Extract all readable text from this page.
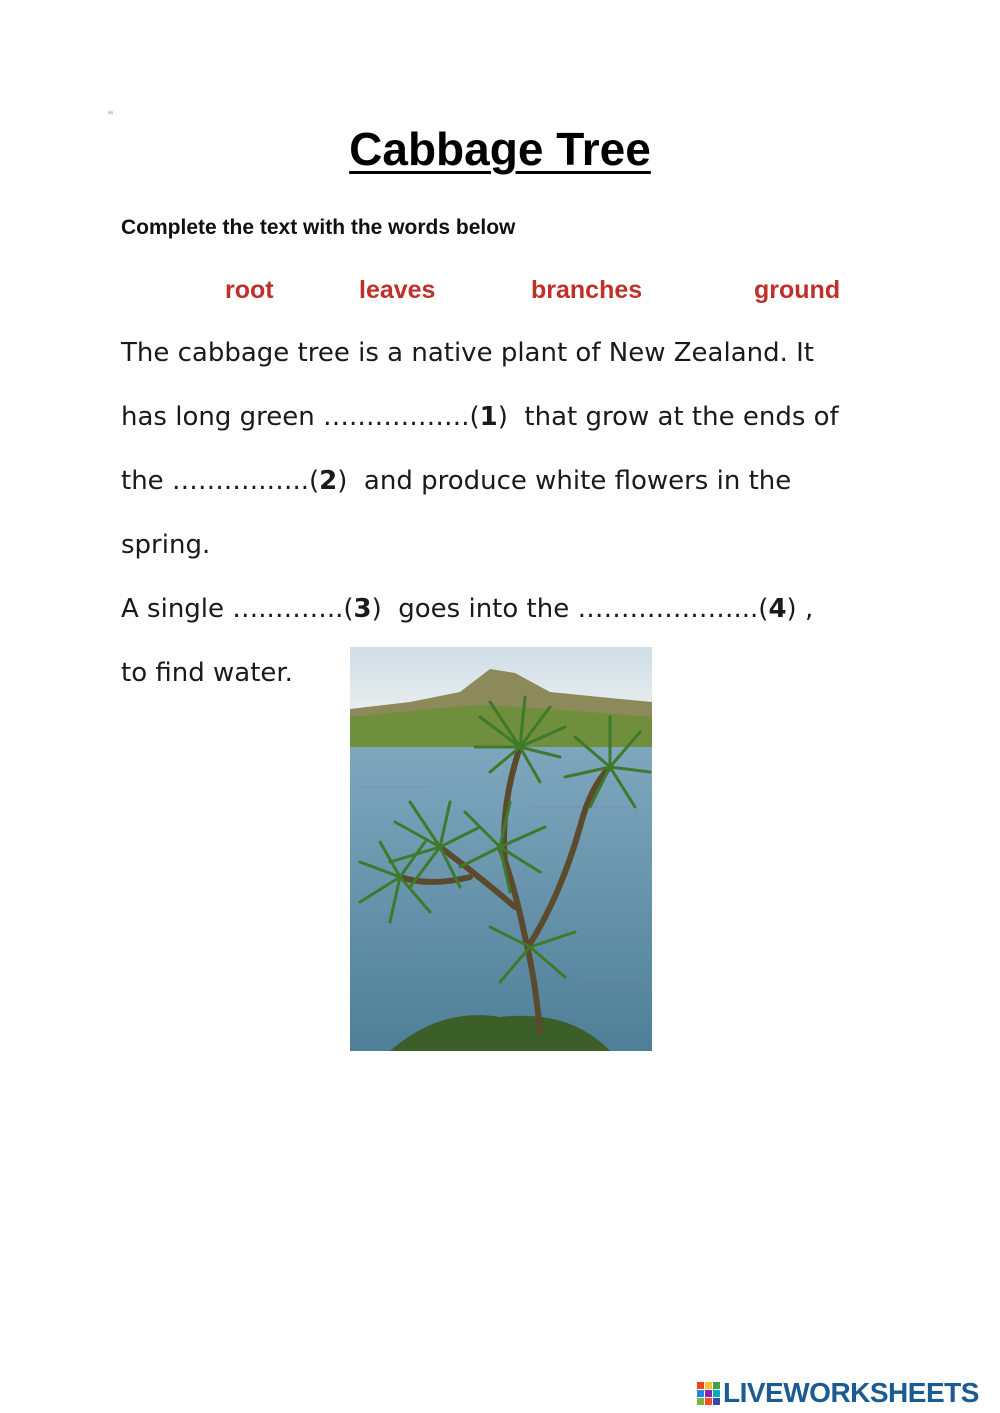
≡
Cabbage Tree
Complete the text with the words below
root	leaves	branches	ground
The cabbage tree is a native plant of New Zealand. It
has long green ….………….(1)  that grow at the ends of
the …….….…..(2)  and produce white flowers in the
spring.
A single …..……..(3)  goes into the ………………...(4) ,
to find water.
LIVEWORKSHEETS
